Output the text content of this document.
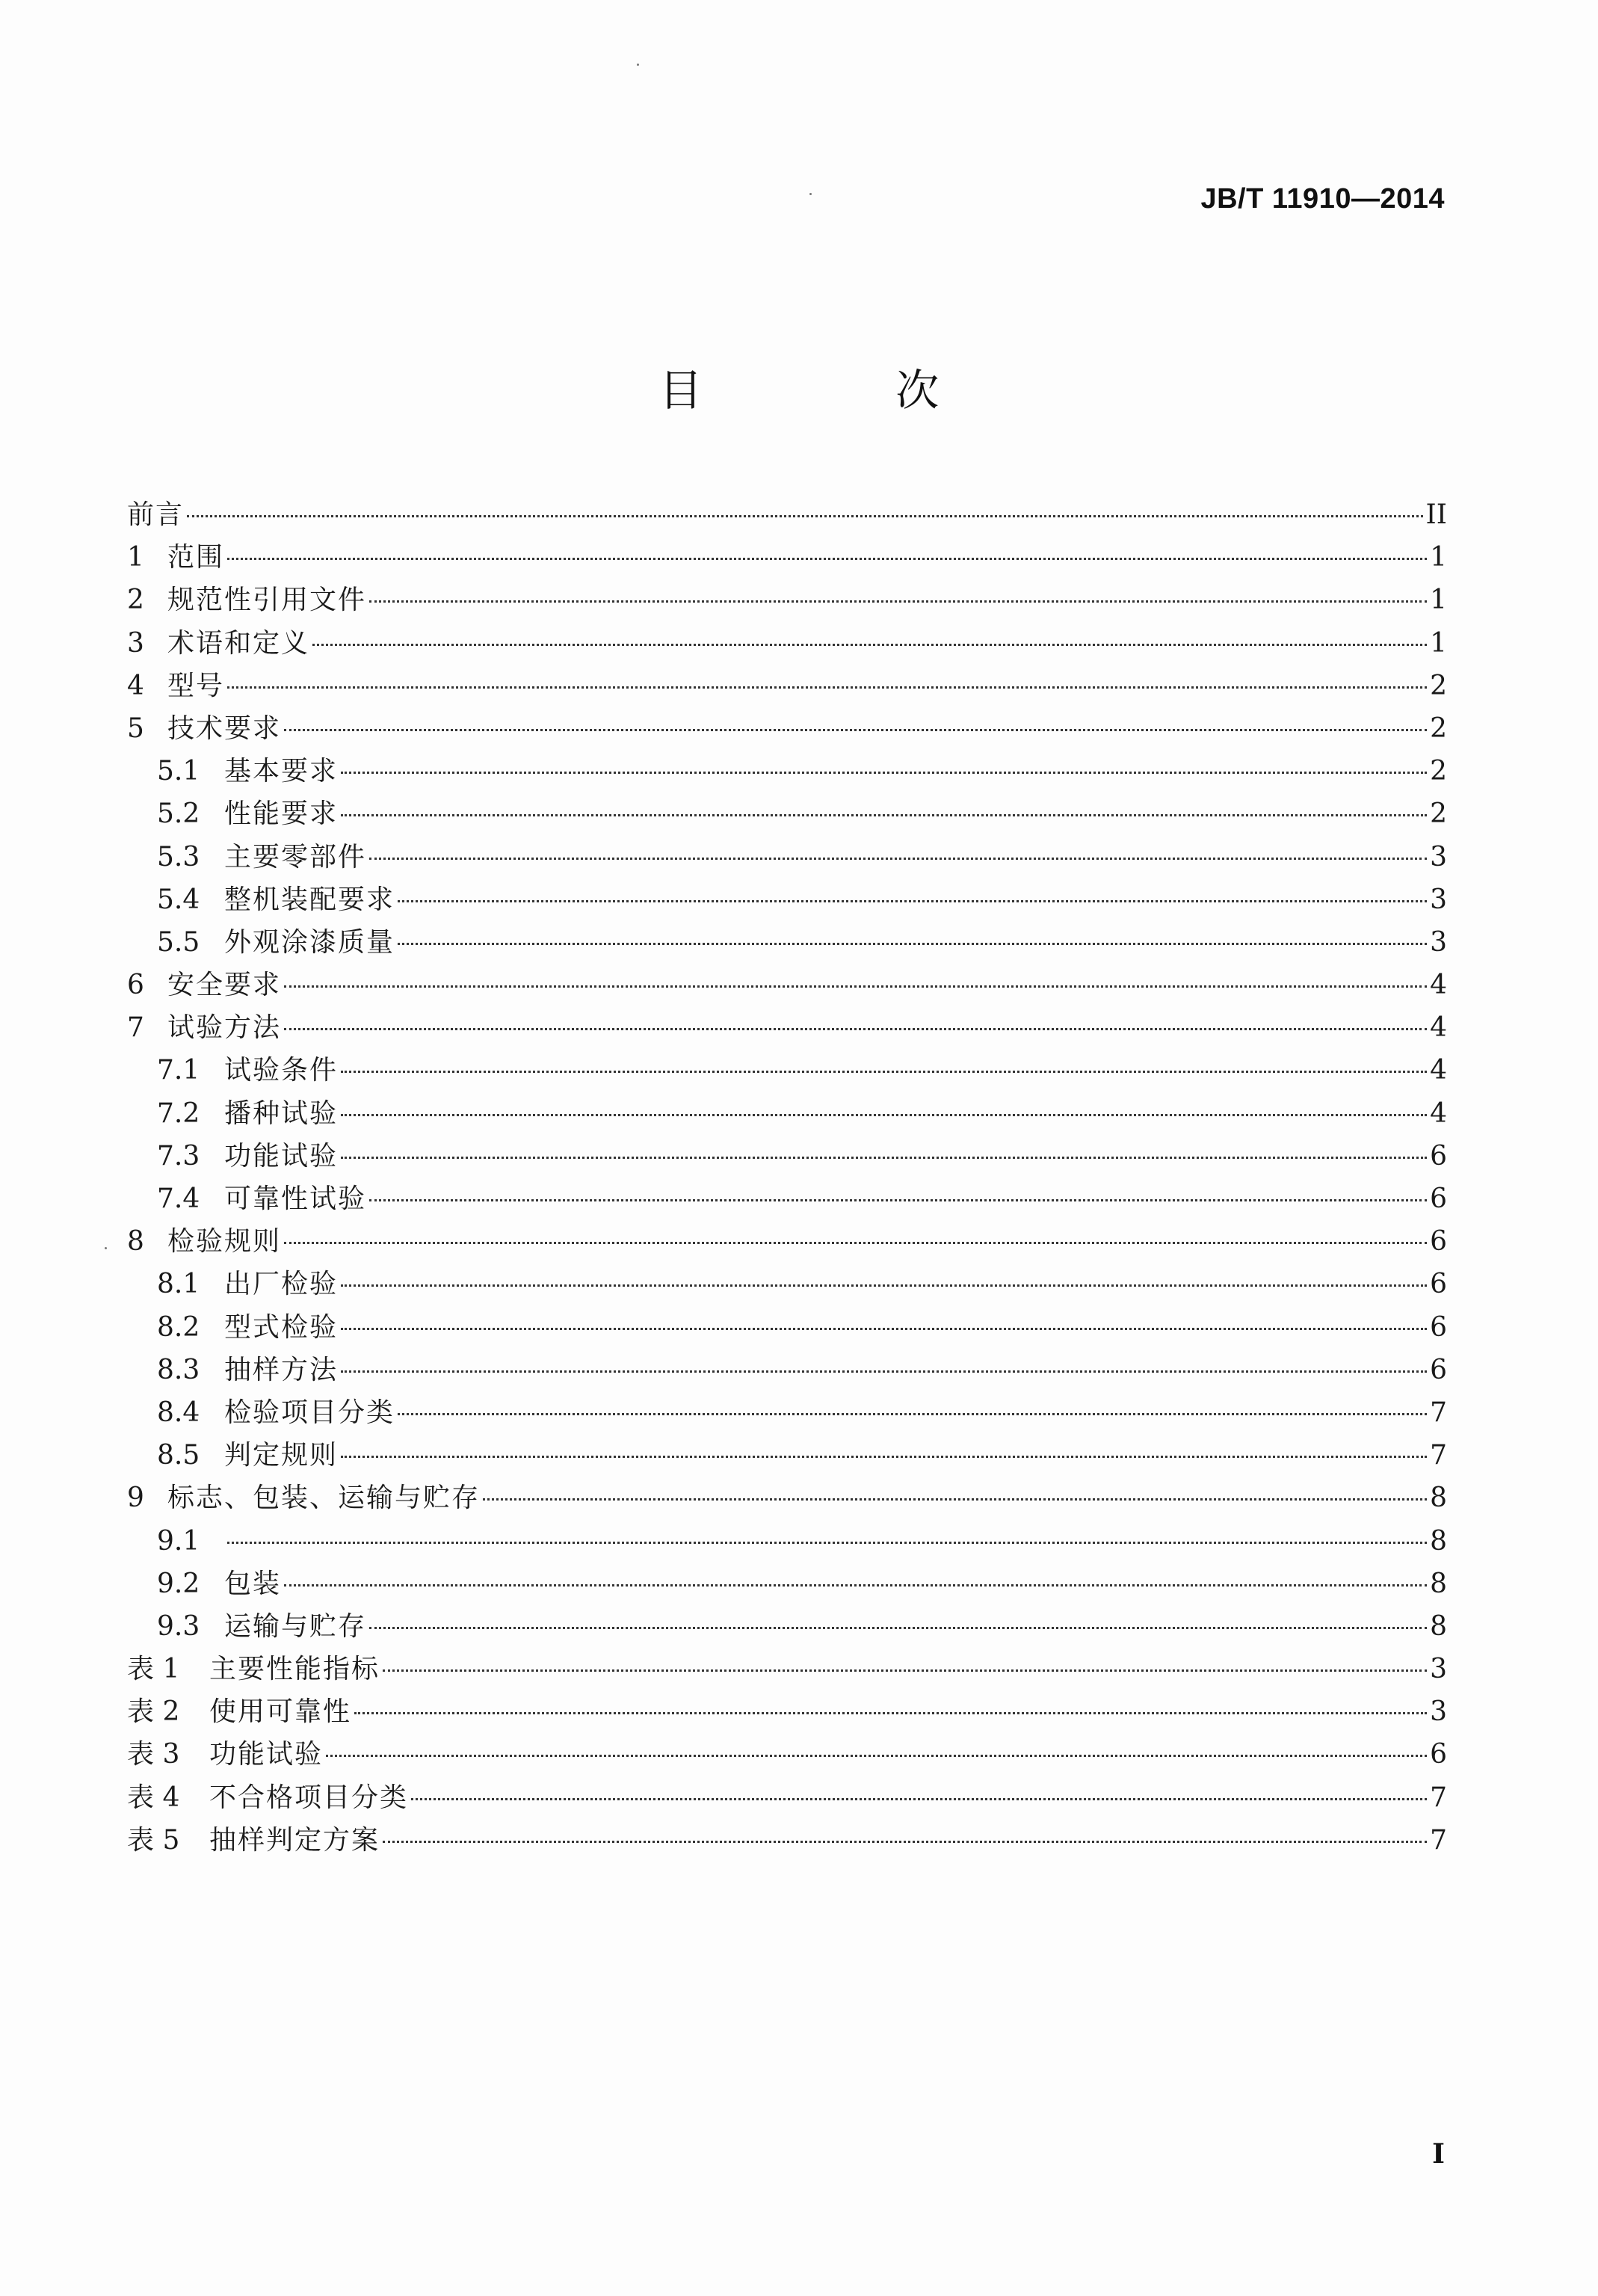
JB/T 11910—2014
目 次
前言	II
1 范围	1
2 规范性引用文件	1
3 术语和定义	1
4 型号	2
5 技术要求	2
5.1 基本要求	2
5.2 性能要求	2
5.3 主要零部件	3
5.4 整机装配要求	3
5.5 外观涂漆质量	3
6 安全要求	4
7 试验方法	4
7.1 试验条件	4
7.2 播种试验	4
7.3 功能试验	6
7.4 可靠性试验	6
8 检验规则	6
8.1 出厂检验	6
8.2 型式检验	6
8.3 抽样方法	6
8.4 检验项目分类	7
8.5 判定规则	7
9 标志、包装、运输与贮存	8
9.1	8
9.2 包装	8
9.3 运输与贮存	8
表 1	主要性能指标	3
表 2	使用可靠性	3
表 3	功能试验	6
表 4	不合格项目分类	7
表 5	抽样判定方案	7
I
